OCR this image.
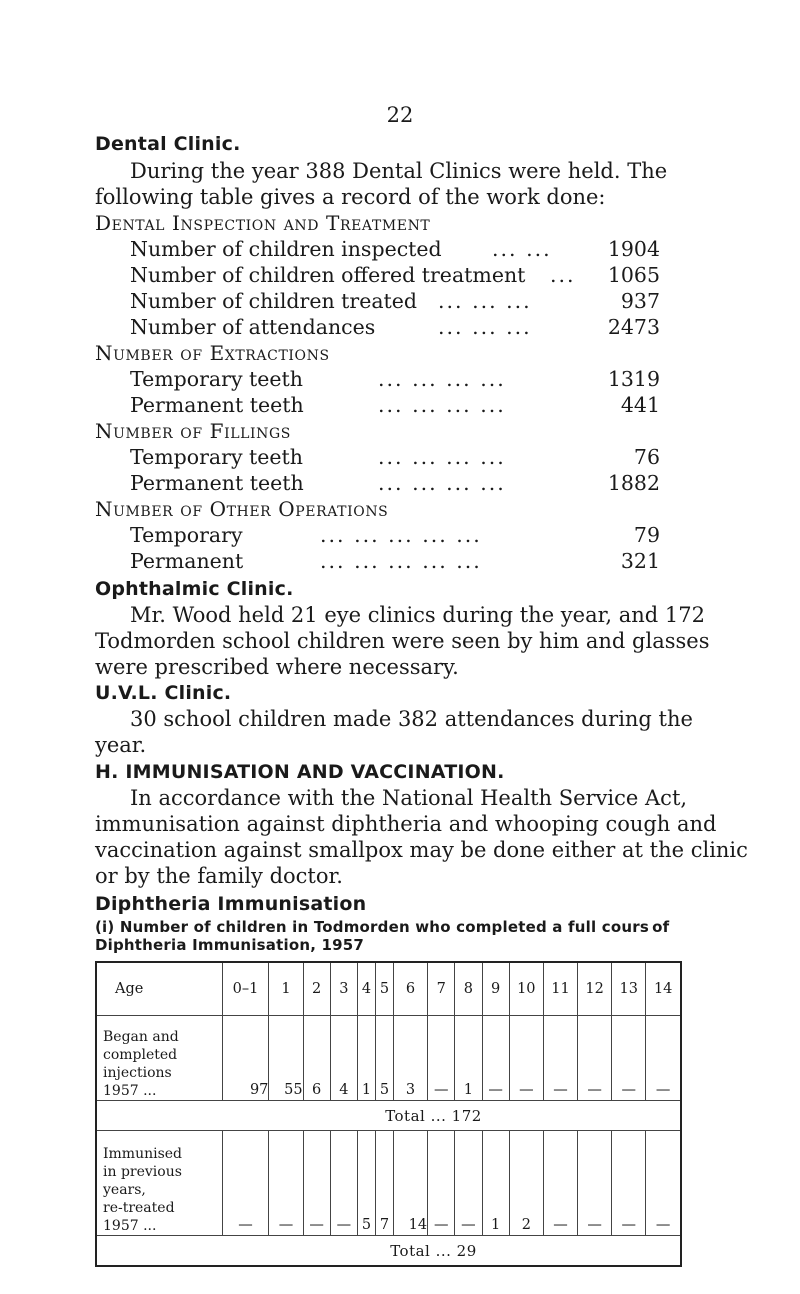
22
Dental Clinic.
During the year 388 Dental Clinics were held. The
following table gives a record of the work done:
Dental Inspection and Treatment
Number of children inspected ... ...	1904
Number of children offered treatment ... 1065
Number of children treated ... ... ...	937
Number of attendances	... ... ...	2473
Number of Extractions
Temporary teeth	... ... ... ...	1319
Permanent teeth	... ... ... ...	441
Number of Fillings
Temporary teeth	... ... ... ...	76
Permanent teeth	... ... ... ...	1882
Number of Other Operations
Temporary	... ... ... ... ...	79
Permanent	... ... ... ... ...	321
Ophthalmic Clinic.
Mr. Wood held 21 eye clinics during the year, and 172
Todmorden school children were seen by him and glasses
were prescribed where necessary.
U.V.L. Clinic.
30 school children made 382 attendances during the
year.
H. IMMUNISATION AND VACCINATION.
In accordance with the National Health Service Act,
immunisation against diphtheria and whooping cough and
vaccination against smallpox may be done either at the clinic
or by the family doctor.
Diphtheria Immunisation
(i) Number of children in Todmorden who completed a full cours of
Diphtheria Immunisation, 1957
Age	0–1	1	2	3	4	5	6	7	8	9	10	11	12	13	14

Began and
completed
injections
1957 ...	97	55	6	4	1	5	3	—	1	—	—	—	—	—	—
Total ... 172															

Immunised
in previous
years,
re-treated
1957 ...	—	—	—	—	5	7	14	—	—	1	2	—	—	—	—
Total ... 29															
